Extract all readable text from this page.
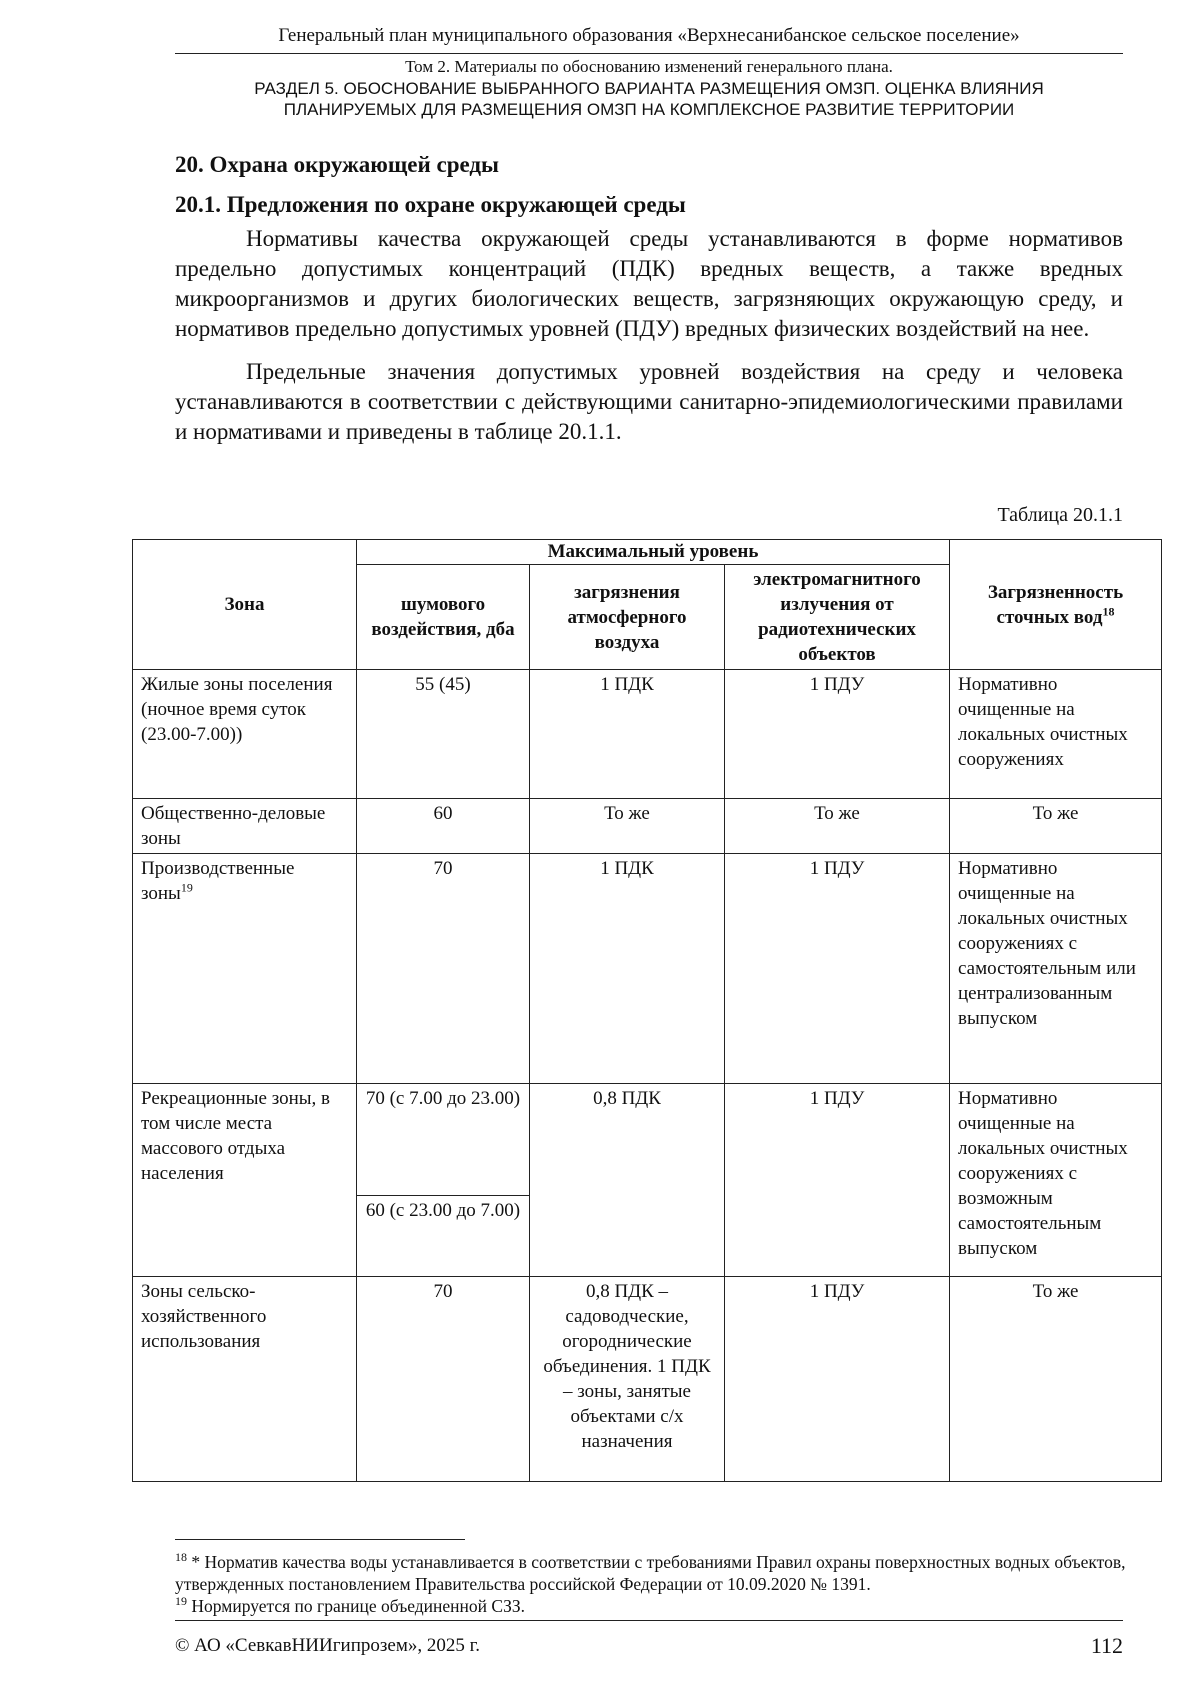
Генеральный план муниципального образования «Верхнесанибанское сельское поселение»
Том 2. Материалы по обоснованию изменений генерального плана.
РАЗДЕЛ 5. ОБОСНОВАНИЕ ВЫБРАННОГО ВАРИАНТА РАЗМЕЩЕНИЯ ОМЗП. ОЦЕНКА ВЛИЯНИЯ
ПЛАНИРУЕМЫХ ДЛЯ РАЗМЕЩЕНИЯ ОМЗП НА КОМПЛЕКСНОЕ РАЗВИТИЕ ТЕРРИТОРИИ
20. Охрана окружающей среды
20.1. Предложения по охране окружающей среды

Нормативы качества окружающей среды устанавливаются в форме нормативов предельно допустимых концентраций (ПДК) вредных веществ, а также вредных микроорганизмов и других биологических веществ, загрязняющих окружающую среду, и нормативов предельно допустимых уровней (ПДУ) вредных физических воздействий на нее.

Предельные значения допустимых уровней воздействия на среду и человека устанавливаются в соответствии с действующими санитарно-эпидемиологическими правилами и нормативами и приведены в таблице 20.1.1.

Таблица 20.1.1
Зона	Максимальный уровень			Загрязненность сточных вод$^{18}$
	шумового воздействия, дба	загрязнения атмосферного воздуха	электромагнитного излучения от радиотехнических объектов	
Жилые зоны поселения (ночное время суток (23.00-7.00))	55 (45)	1 ПДК	1 ПДУ	Нормативно очищенные на локальных очистных сооружениях
Общественно-деловые зоны	60	То же	То же	То же
Производственные зоны$^{19}$	70	1 ПДК	1 ПДУ	Нормативно очищенные на локальных очистных сооружениях с самостоятельным или централизованным выпуском
Рекреационные зоны, в том числе места массового отдыха населения	70 (с 7.00 до 23.00)	0,8 ПДК	1 ПДУ	Нормативно очищенные на локальных очистных сооружениях с возможным самостоятельным выпуском
	60 (с 23.00 до 7.00)			
Зоны сельско-хозяйственного использования	70	0,8 ПДК – садоводческие, огороднические объединения. 1 ПДК – зоны, занятые объектами с/х назначения	1 ПДУ	То же

$^{18}$ * Норматив качества воды устанавливается в соответствии с требованиями Правил охраны поверхностных водных объектов, утвержденных постановлением Правительства российской Федерации от 10.09.2020 № 1391.

$^{19}$ Нормируется по границе объединенной СЗЗ.

© АО «СевкавНИИгипрозем», 2025 г.	112
